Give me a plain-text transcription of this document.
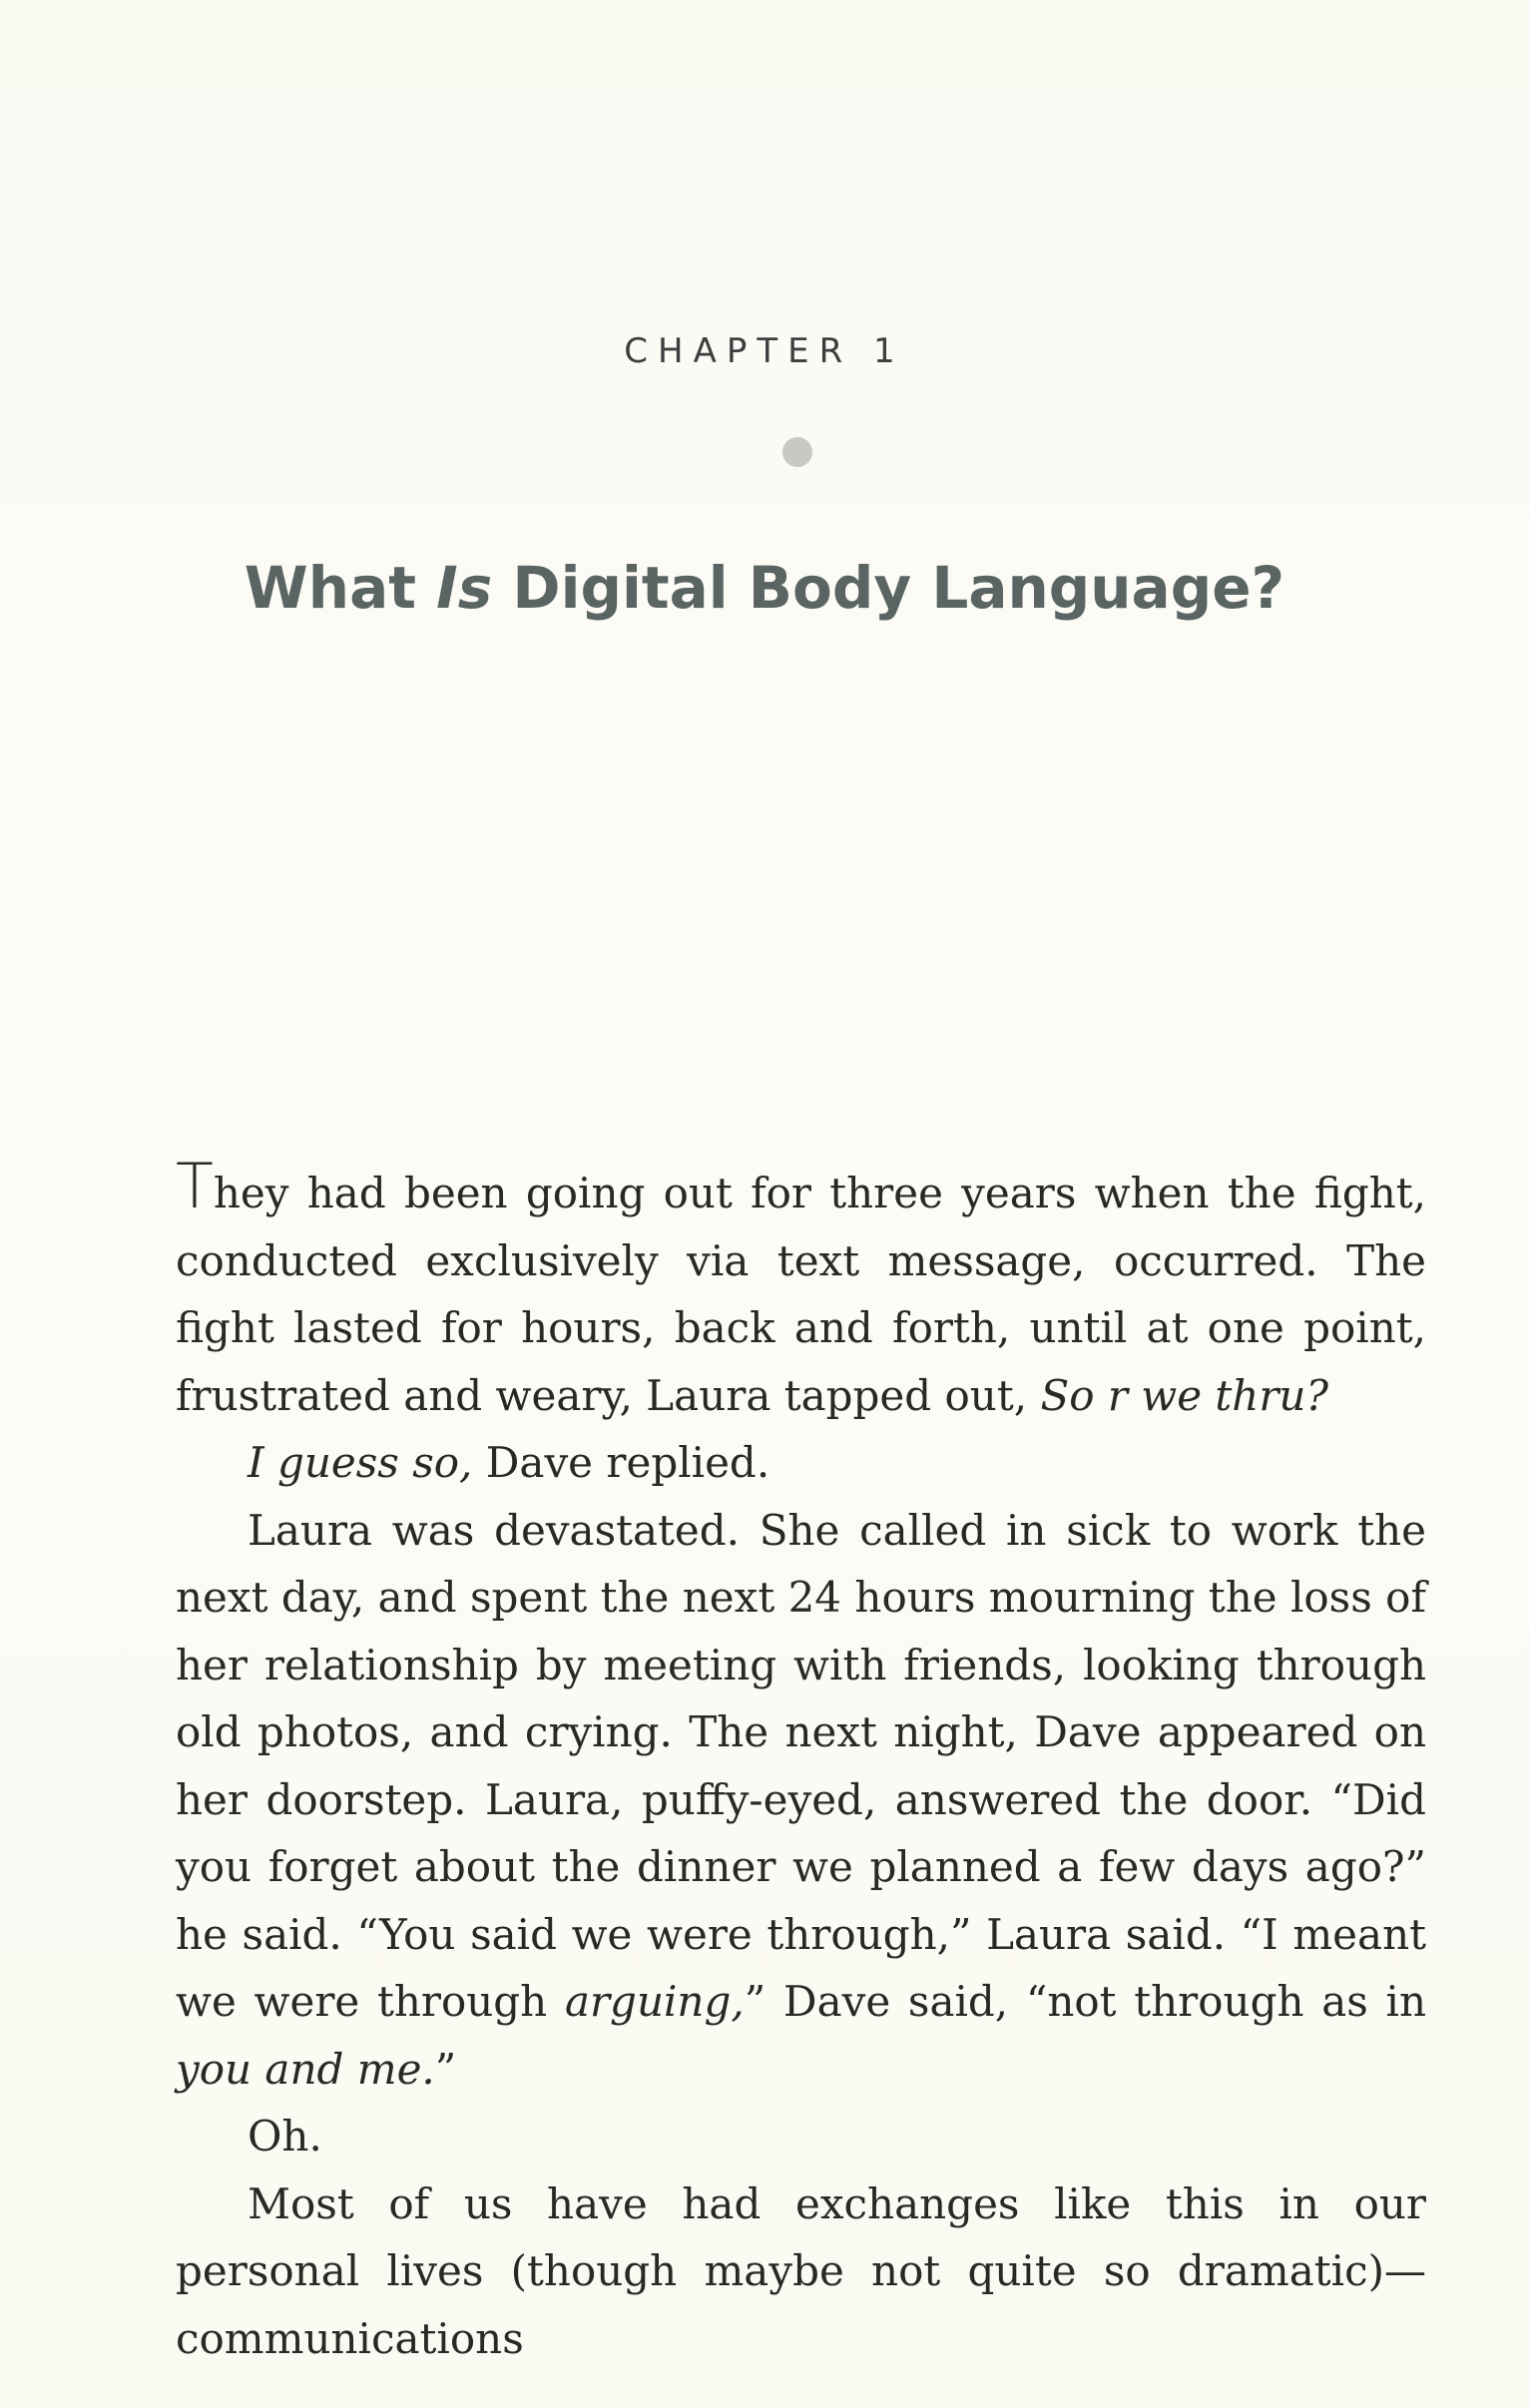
CHAPTER 1
What Is Digital Body Language?

They had been going out for three years when the fight, conducted exclusively via text message, occurred. The fight lasted for hours, back and forth, until at one point, frustrated and weary, Laura tapped out, So r we thru?

I guess so, Dave replied.

Laura was devastated. She called in sick to work the next day, and spent the next 24 hours mourning the loss of her relationship by meeting with friends, looking through old photos, and crying. The next night, Dave appeared on her doorstep. Laura, puffy-eyed, answered the door. “Did you forget about the dinner we planned a few days ago?” he said. “You said we were through,” Laura said. “I meant we were through arguing,” Dave said, “not through as in you and me.”

Oh.

Most of us have had exchanges like this in our personal lives (though maybe not quite so dramatic)—communications
